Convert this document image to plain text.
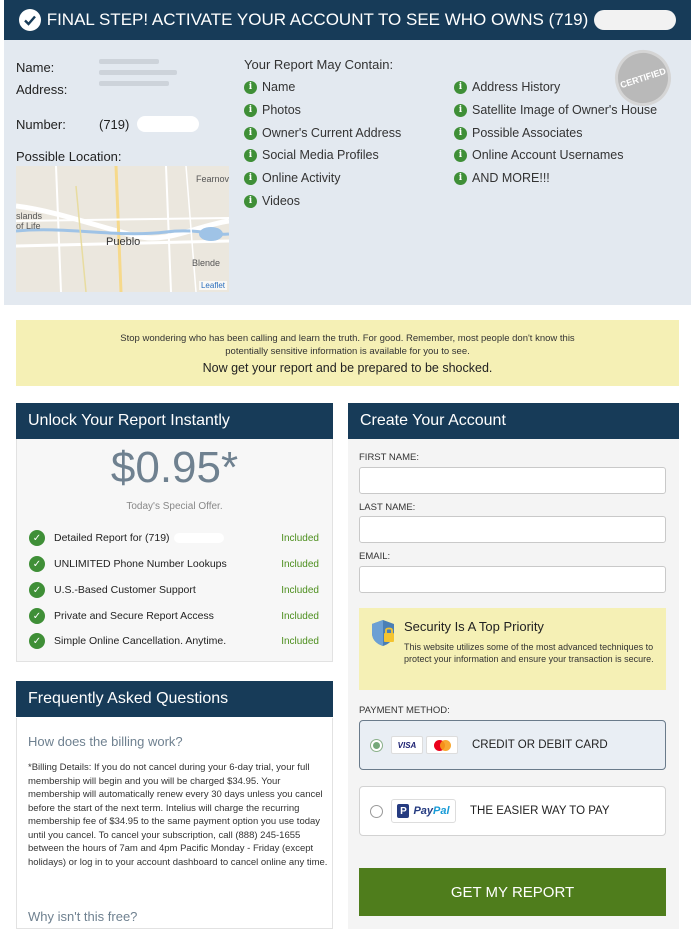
FINAL STEP! ACTIVATE YOUR ACCOUNT TO SEE WHO OWNS (719)
Name:
Address:
Number:	(719)
Possible Location:
Fearnov
slands
of Life
Pueblo
Blende
Leaflet
Your Report May Contain:
i Name
i Photos
i Owner's Current Address
i Social Media Profiles
i Online Activity
i Videos
i Address History
i Satellite Image of Owner's House
i Possible Associates
i Online Account Usernames
i AND MORE!!!
CERTIFIED
Stop wondering who has been calling and learn the truth. For good. Remember, most people don't know this potentially sensitive information is available for you to see.
Now get your report and be prepared to be shocked.
Unlock Your Report Instantly
$0.95*
Today's Special Offer.
✓	Detailed Report for (719)	Included
✓	UNLIMITED Phone Number Lookups	Included
✓	U.S.-Based Customer Support	Included
✓	Private and Secure Report Access	Included
✓	Simple Online Cancellation. Anytime.	Included
Frequently Asked Questions
How does the billing work?
*Billing Details: If you do not cancel during your 6-day trial, your full membership will begin and you will be charged $34.95. Your membership will automatically renew every 30 days unless you cancel before the start of the next term. Intelius will charge the recurring membership fee of $34.95 to the same payment option you use today until you cancel. To cancel your subscription, call (888) 245-1655 between the hours of 7am and 4pm Pacific Monday - Friday (except holidays) or log in to your account dashboard to cancel online any time.
Why isn't this free?
Create Your Account
FIRST NAME:
LAST NAME:
EMAIL:
Security Is A Top Priority
This website utilizes some of the most advanced techniques to protect your information and ensure your transaction is secure.
PAYMENT METHOD:
VISA	CREDIT OR DEBIT CARD
P Pay Pal THE EASIER WAY TO PAY
GET MY REPORT
